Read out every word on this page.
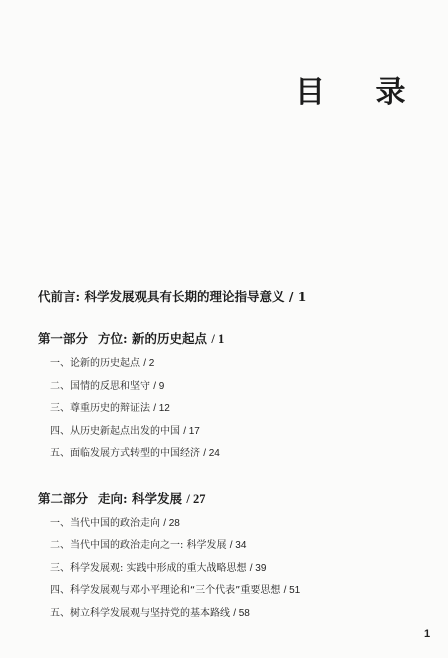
目 录
代前言: 科学发展观具有长期的理论指导意义 / 1
第一部分 方位: 新的历史起点 / 1
一、论新的历史起点 / 2
二、国情的反思和坚守 / 9
三、尊重历史的辩证法 / 12
四、从历史新起点出发的中国 / 17
五、面临发展方式转型的中国经济 / 24
第二部分 走向: 科学发展 / 27
一、当代中国的政治走向 / 28
二、当代中国的政治走向之一: 科学发展 / 34
三、科学发展观: 实践中形成的重大战略思想 / 39
四、科学发展观与邓小平理论和“三个代表”重要思想 / 51
五、树立科学发展观与坚持党的基本路线 / 58
1
